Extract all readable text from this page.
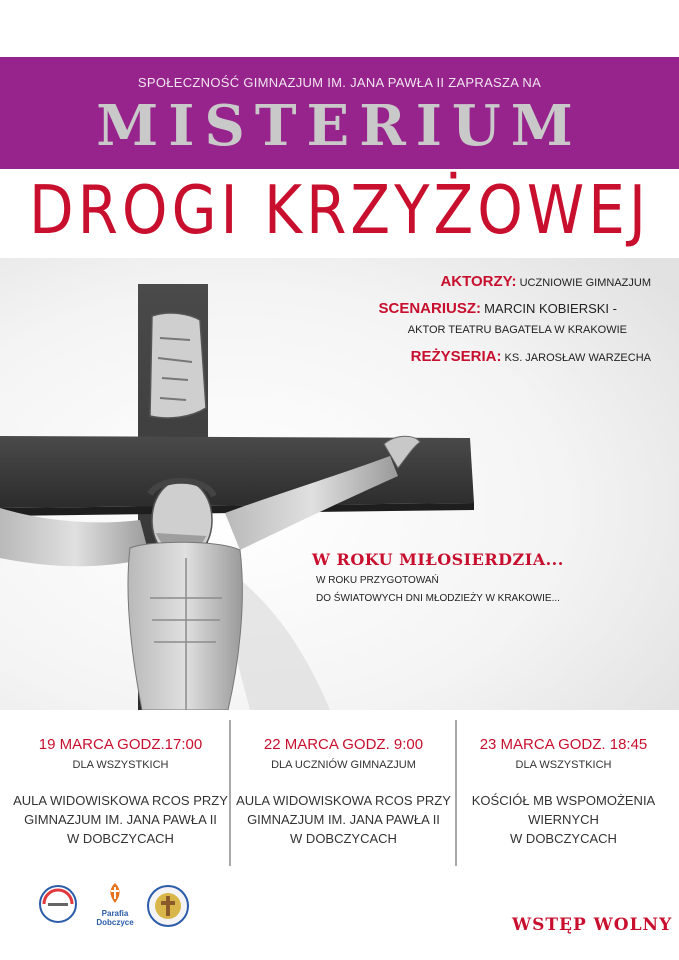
SPOŁECZNOŚĆ GIMNAZJUM IM. JANA PAWŁA II ZAPRASZA NA
MISTERIUM
DROGI KRZYŻOWEJ
AKTORZY: UCZNIOWIE GIMNAZJUM
SCENARIUSZ: MARCIN KOBIERSKI -
AKTOR TEATRU BAGATELA W KRAKOWIE
REŻYSERIA: KS. JAROSŁAW WARZECHA
W ROKU MIŁOSIERDZIA...
W ROKU PRZYGOTOWAŃ
DO ŚWIATOWYCH DNI MŁODZIEŻY W KRAKOWIE...
19 MARCA GODZ.17:00
DLA WSZYSTKICH
AULA WIDOWISKOWA RCOS PRZY
GIMNAZJUM IM. JANA PAWŁA II
W DOBCZYCACH
22 MARCA GODZ. 9:00
DLA UCZNIÓW GIMNAZJUM
AULA WIDOWISKOWA RCOS PRZY
GIMNAZJUM IM. JANA PAWŁA II
W DOBCZYCACH
23 MARCA GODZ. 18:45
DLA WSZYSTKICH
KOŚCIÓŁ MB WSPOMOŻENIA
WIERNYCH
W DOBCZYCACH
Parafia
Dobczyce	WSTĘP WOLNY
